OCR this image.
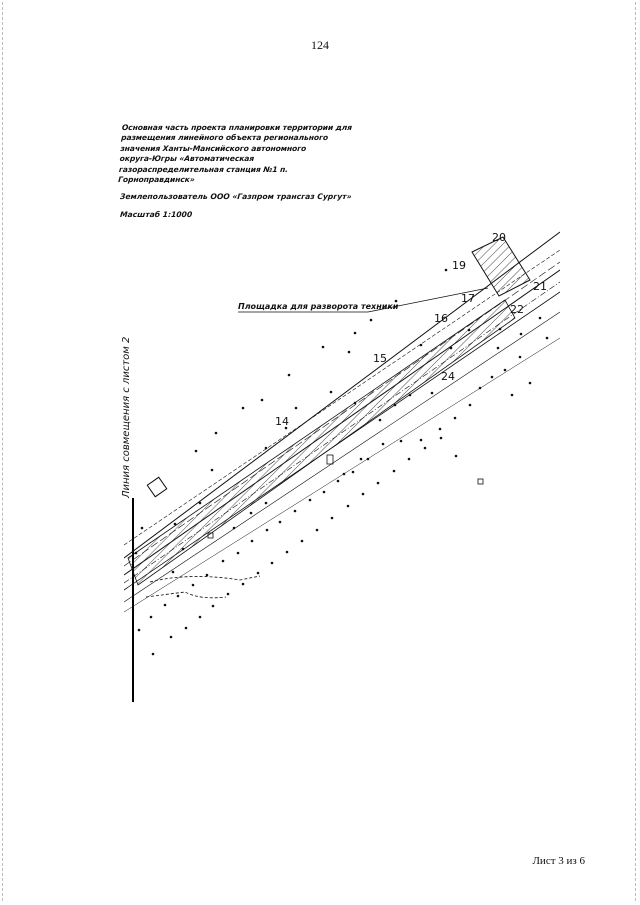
124
Основная часть проекта планировки территории для
размещения линейного объекта регионального
значения Ханты-Мансийского автономного
округа-Югры «Автоматическая
газораспределительная станция №1 п.
Горноправдинск»
Землепользователь ООО «Газпром трансгаз Сургут»
Масштаб 1:1000
Линия совмещения с листом 2
Площадка для разворота техники
14
15
16
17
19
20
21
22
24
Лист 3 из 6
